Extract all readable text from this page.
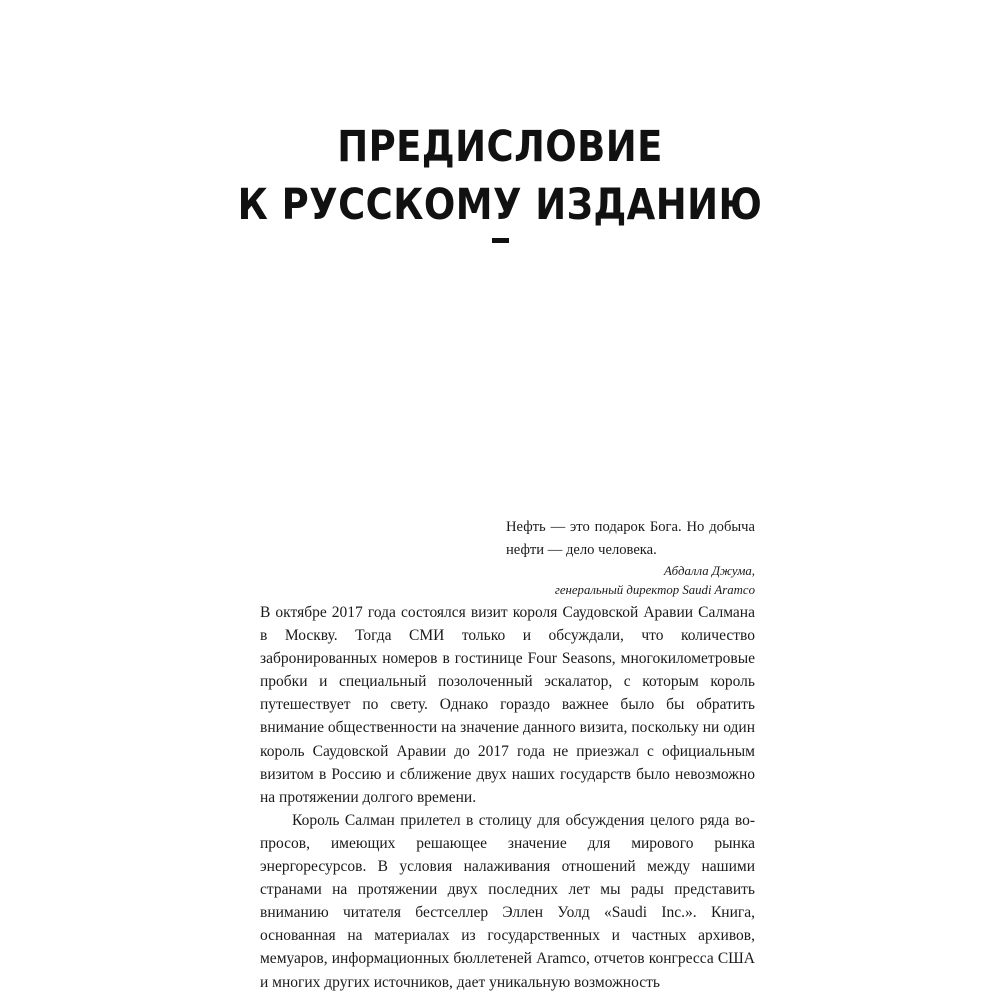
ПРЕДИСЛОВИЕ
К РУССКОМУ ИЗДАНИЮ

Нефть — это подарок Бога. Но добыча нефти — дело человека.

Абдалла Джума,

генеральный директор Saudi Aramco

В октябре 2017 года состоялся визит короля Саудовской Аравии Салмана в Москву. Тогда СМИ только и обсуждали, что количество забронированных номеров в гостинице Four Seasons, многокилометровые пробки и специальный позолоченный эскалатор, с которым король путешествует по свету. Однако гораздо важнее было бы обратить внимание общественности на значение данного визита, поскольку ни один король Саудовской Аравии до 2017 года не приезжал с официальным визитом в Россию и сближение двух наших государств было невозможно на протяжении долгого времени.

Король Салман прилетел в столицу для обсуждения целого ряда вопросов, имеющих решающее значение для мирового рынка энергоресурсов. В условия налаживания отношений между нашими странами на протяжении двух последних лет мы рады представить вниманию читателя бестселлер Эллен Уолд «Saudi Inc.». Книга, основанная на материалах из государственных и частных архивов, мемуаров, информационных бюллетеней Aramco, отчетов конгресса США и многих других источников, дает уникальную возможность
